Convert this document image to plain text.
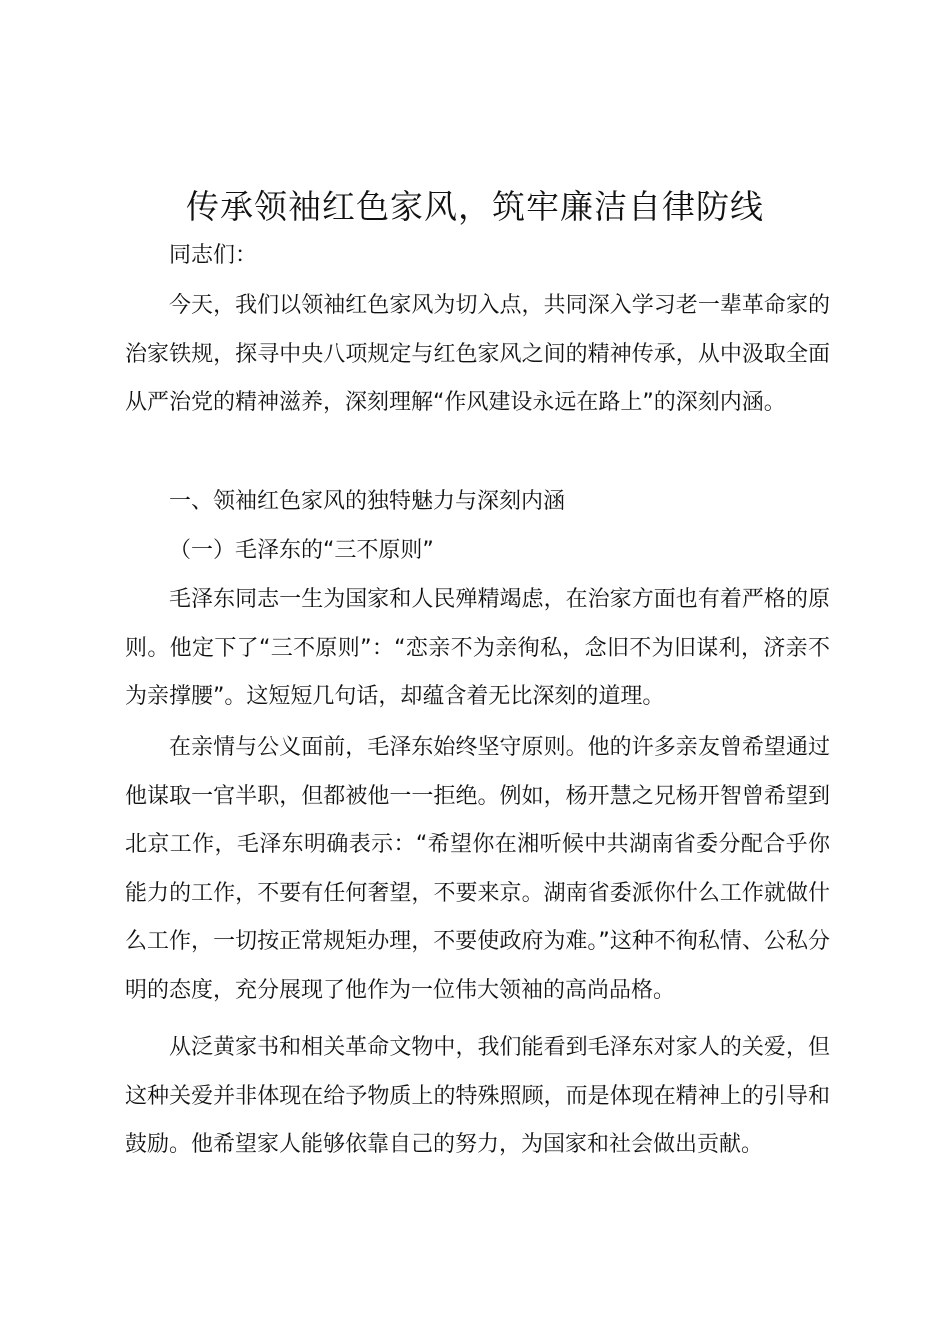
传承领袖红色家风，筑牢廉洁自律防线

同志们：

今天，我们以领袖红色家风为切入点，共同深入学习老一辈革命家的治家铁规，探寻中央八项规定与红色家风之间的精神传承，从中汲取全面从严治党的精神滋养，深刻理解“作风建设永远在路上”的深刻内涵。

一、领袖红色家风的独特魅力与深刻内涵

（一）毛泽东的“三不原则”

毛泽东同志一生为国家和人民殚精竭虑，在治家方面也有着严格的原则。他定下了“三不原则”：“恋亲不为亲徇私，念旧不为旧谋利，济亲不为亲撑腰”。这短短几句话，却蕴含着无比深刻的道理。

在亲情与公义面前，毛泽东始终坚守原则。他的许多亲友曾希望通过他谋取一官半职，但都被他一一拒绝。例如，杨开慧之兄杨开智曾希望到北京工作，毛泽东明确表示：“希望你在湘听候中共湖南省委分配合乎你能力的工作，不要有任何奢望，不要来京。湖南省委派你什么工作就做什么工作，一切按正常规矩办理，不要使政府为难。”这种不徇私情、公私分明的态度，充分展现了他作为一位伟大领袖的高尚品格。

从泛黄家书和相关革命文物中，我们能看到毛泽东对家人的关爱，但这种关爱并非体现在给予物质上的特殊照顾，而是体现在精神上的引导和鼓励。他希望家人能够依靠自己的努力，为国家和社会做出贡献。
